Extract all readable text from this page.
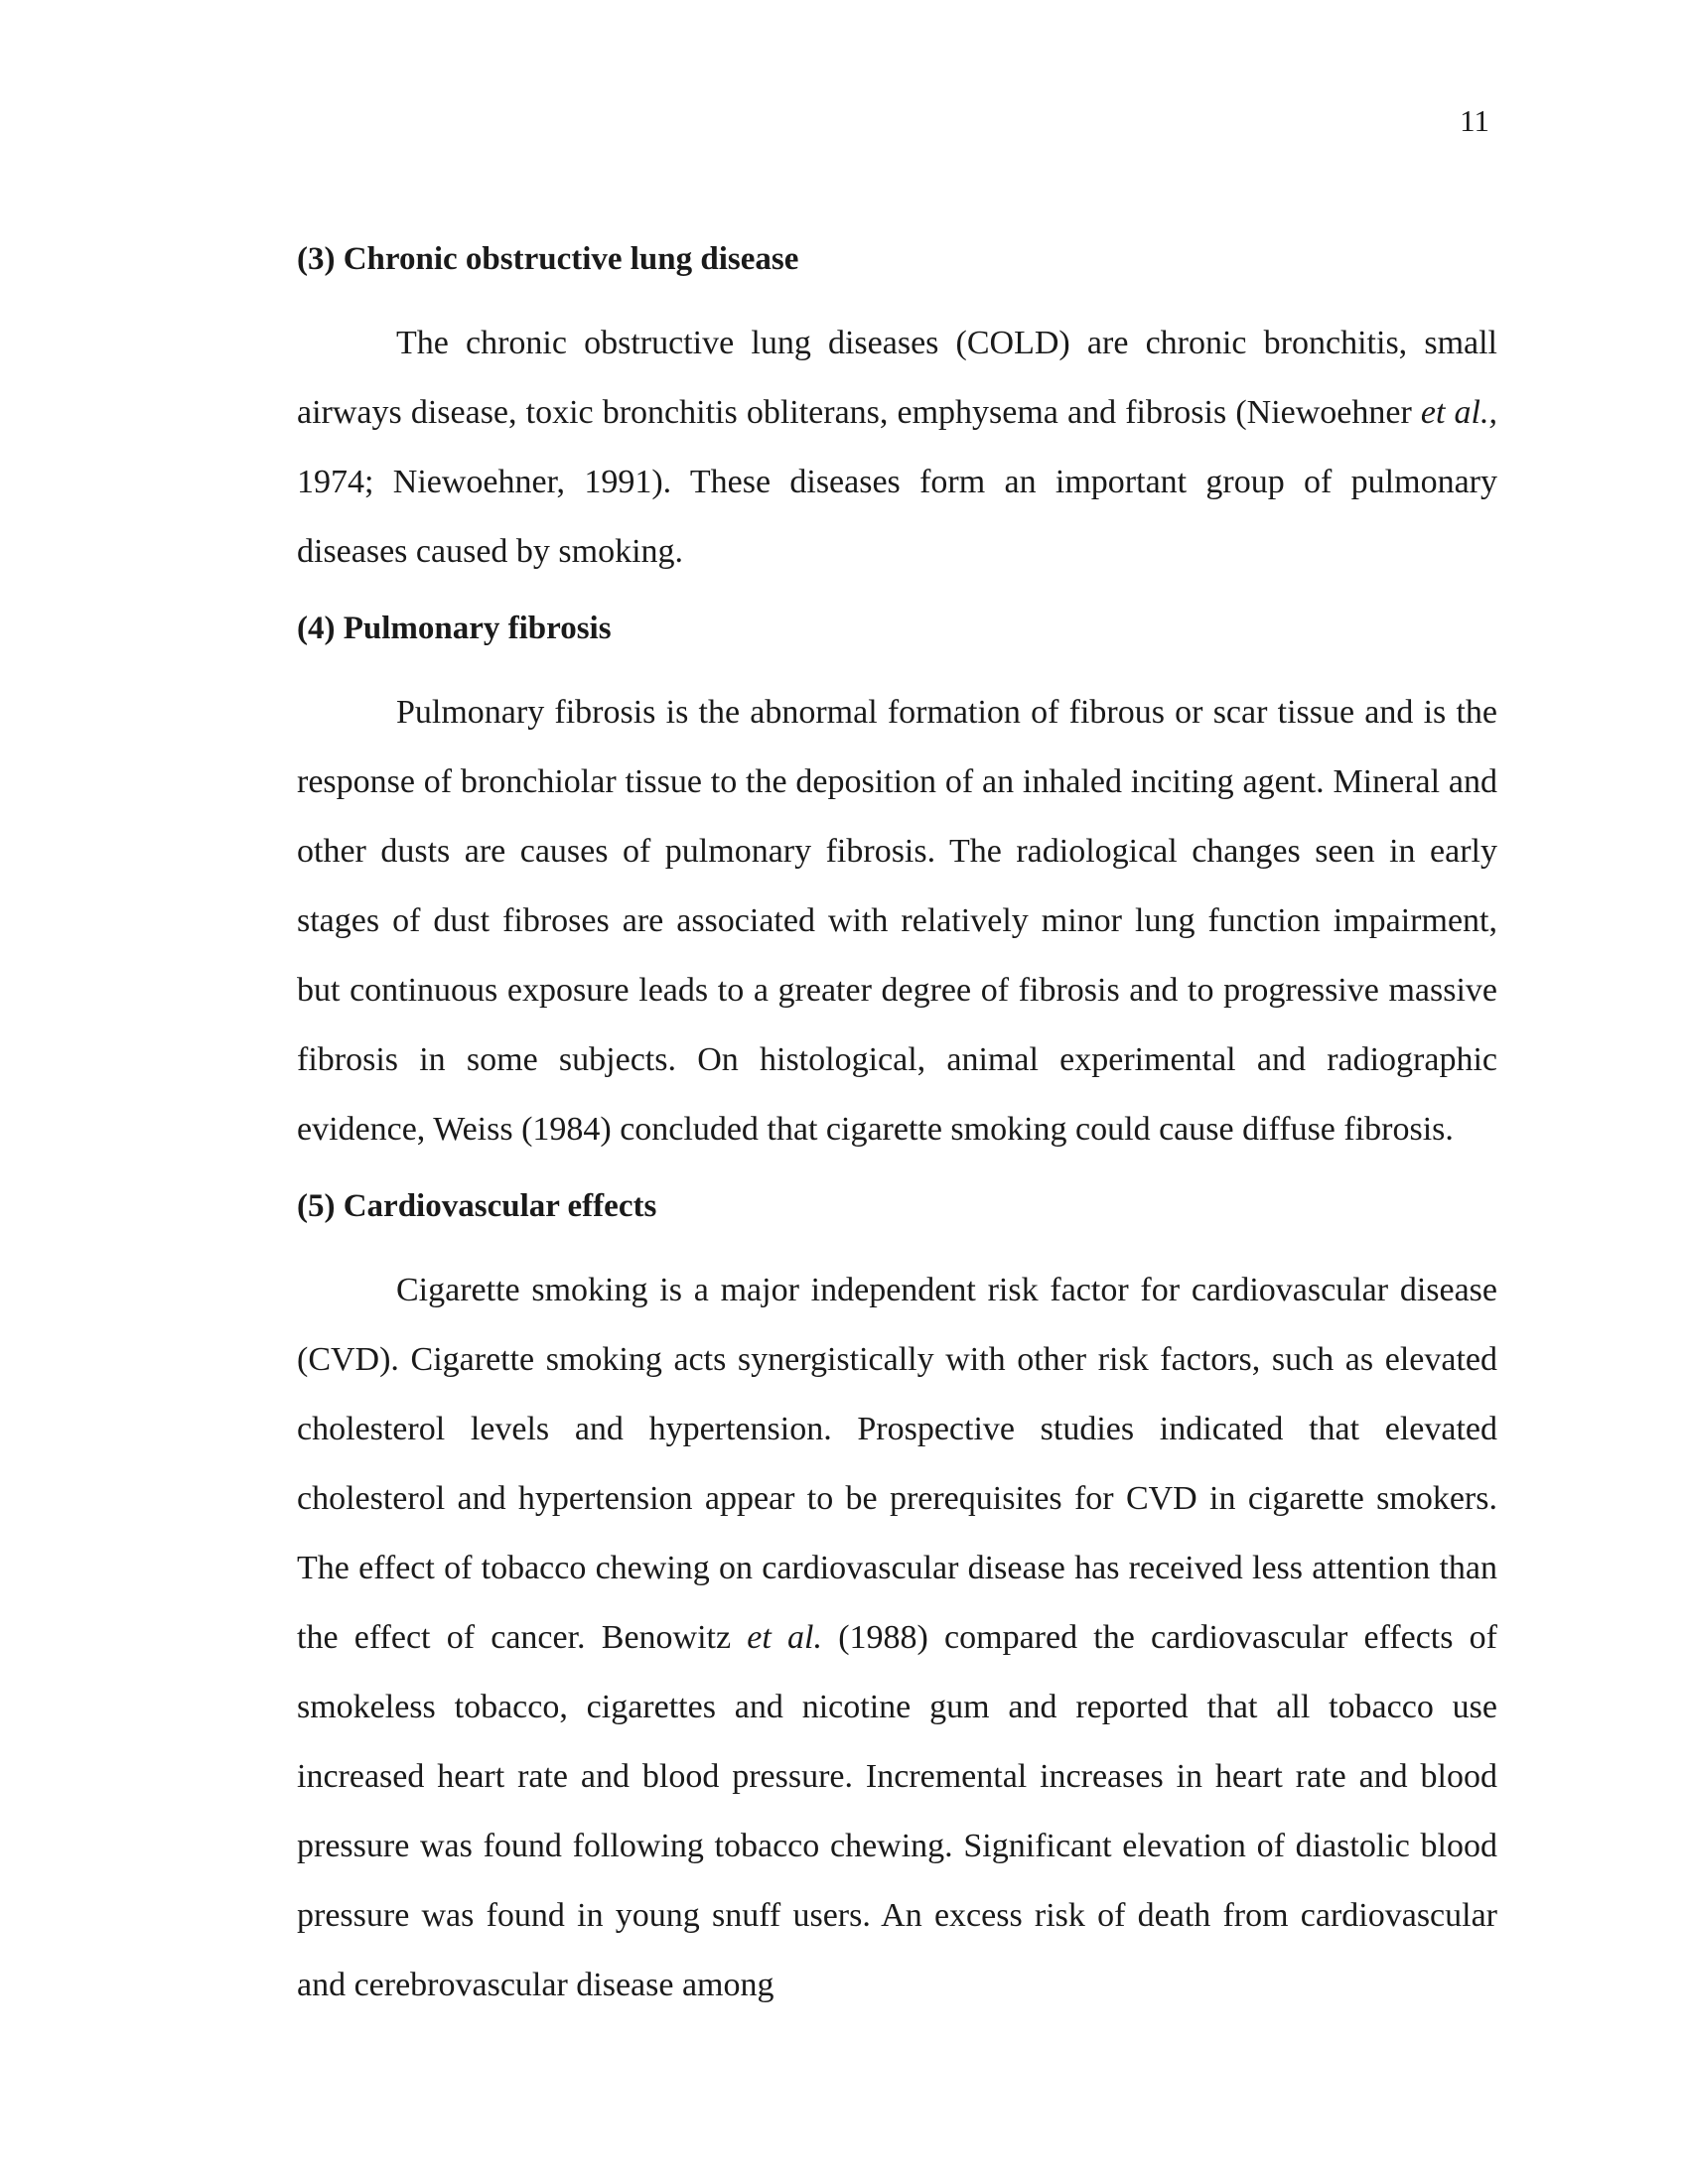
11
(3) Chronic obstructive lung disease

The chronic obstructive lung diseases (COLD) are chronic bronchitis, small airways disease, toxic bronchitis obliterans, emphysema and fibrosis (Niewoehner et al., 1974; Niewoehner, 1991). These diseases form an important group of pulmonary diseases caused by smoking.

(4) Pulmonary fibrosis

Pulmonary fibrosis is the abnormal formation of fibrous or scar tissue and is the response of bronchiolar tissue to the deposition of an inhaled inciting agent. Mineral and other dusts are causes of pulmonary fibrosis. The radiological changes seen in early stages of dust fibroses are associated with relatively minor lung function impairment, but continuous exposure leads to a greater degree of fibrosis and to progressive massive fibrosis in some subjects. On histological, animal experimental and radiographic evidence, Weiss (1984) concluded that cigarette smoking could cause diffuse fibrosis.

(5) Cardiovascular effects

Cigarette smoking is a major independent risk factor for cardiovascular disease (CVD). Cigarette smoking acts synergistically with other risk factors, such as elevated cholesterol levels and hypertension. Prospective studies indicated that elevated cholesterol and hypertension appear to be prerequisites for CVD in cigarette smokers. The effect of tobacco chewing on cardiovascular disease has received less attention than the effect of cancer. Benowitz et al. (1988) compared the cardiovascular effects of smokeless tobacco, cigarettes and nicotine gum and reported that all tobacco use increased heart rate and blood pressure. Incremental increases in heart rate and blood pressure was found following tobacco chewing. Significant elevation of diastolic blood pressure was found in young snuff users. An excess risk of death from cardiovascular and cerebrovascular disease among
